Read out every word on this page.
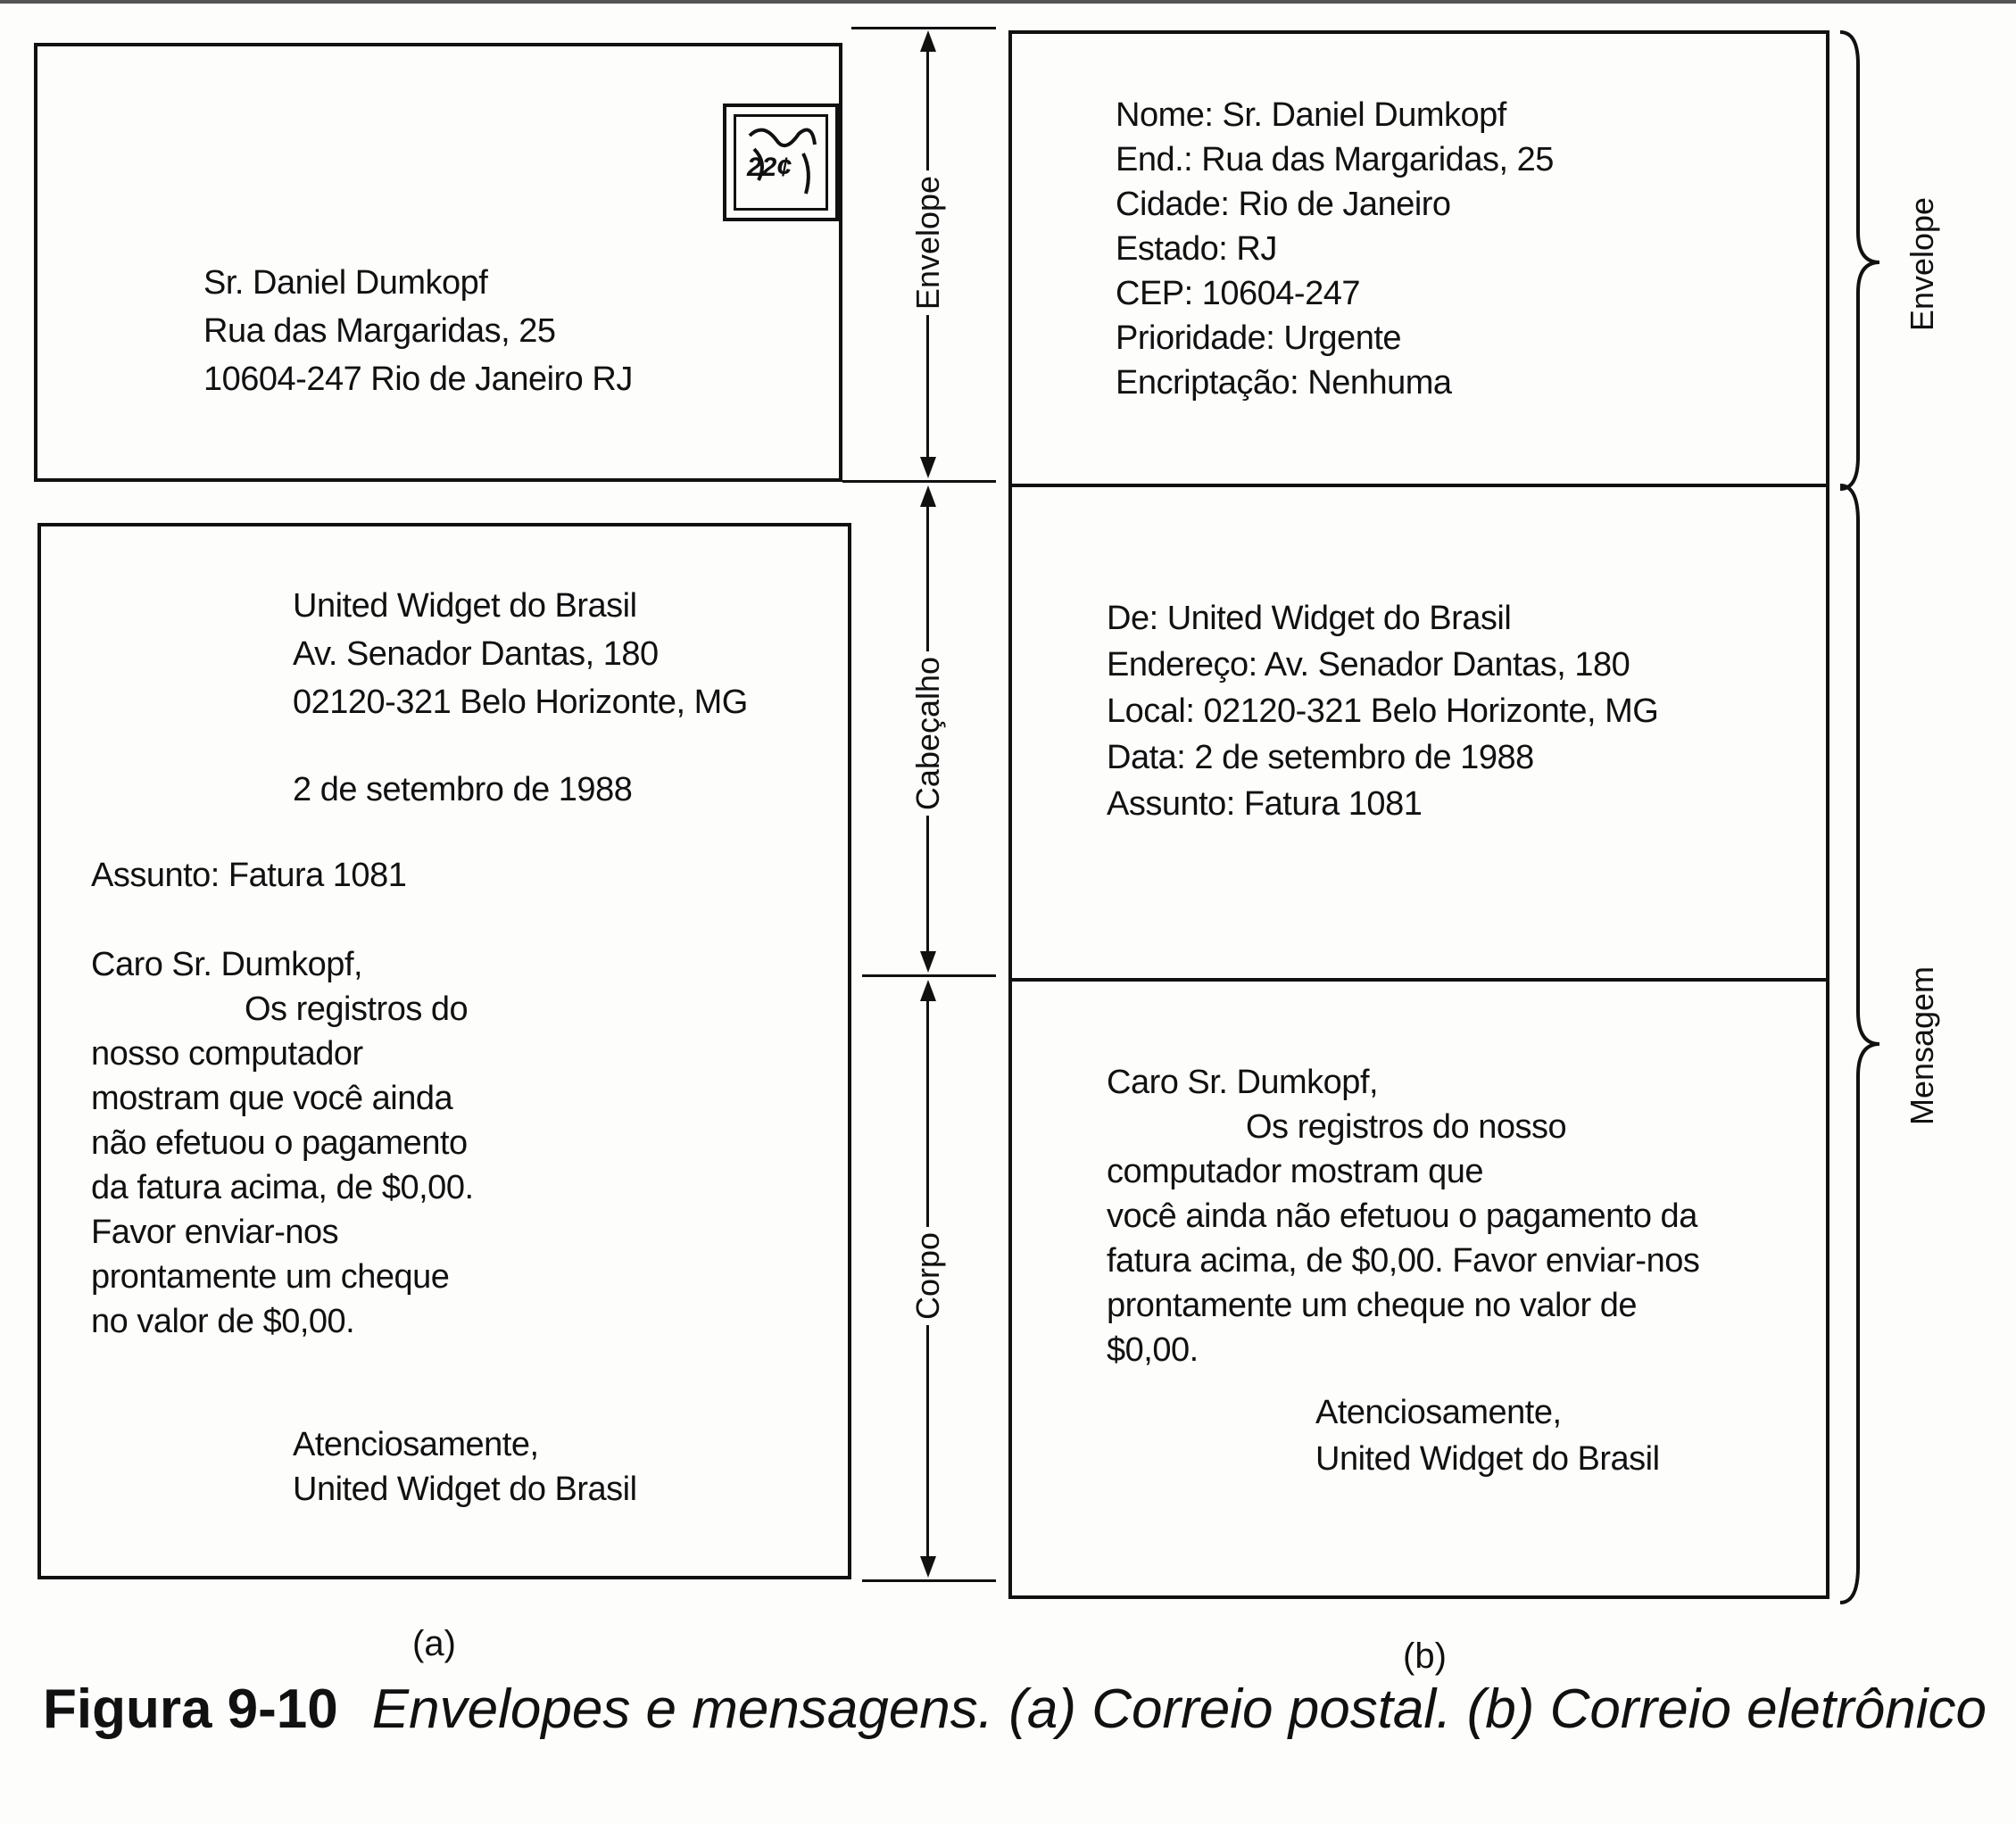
22¢
Sr. Daniel Dumkopf
Rua das Margaridas, 25
10604-247 Rio de Janeiro RJ
United Widget do Brasil
Av. Senador Dantas, 180
02120-321 Belo Horizonte, MG
2 de setembro de 1988
Assunto: Fatura 1081
Caro Sr. Dumkopf,
Os registros do
nosso computador
mostram que você ainda
não efetuou o pagamento
da fatura acima, de $0,00.
Favor enviar-nos
prontamente um cheque
no valor de $0,00.
Atenciosamente,
United Widget do Brasil
(a)
Envelope
Cabeçalho
Corpo
Nome: Sr. Daniel Dumkopf
End.: Rua das Margaridas, 25
Cidade: Rio de Janeiro
Estado: RJ
CEP: 10604-247
Prioridade: Urgente
Encriptação: Nenhuma
De: United Widget do Brasil
Endereço: Av. Senador Dantas, 180
Local: 02120-321 Belo Horizonte, MG
Data: 2 de setembro de 1988
Assunto: Fatura 1081
Caro Sr. Dumkopf,
Os registros do nosso
computador mostram que
você ainda não efetuou o pagamento da
fatura acima, de $0,00. Favor enviar-nos
prontamente um cheque no valor de
$0,00.
Atenciosamente,
United Widget do Brasil
(b)
Envelope
Mensagem
Figura 9-10 Envelopes e mensagens. (a) Correio postal. (b) Correio eletrônico
